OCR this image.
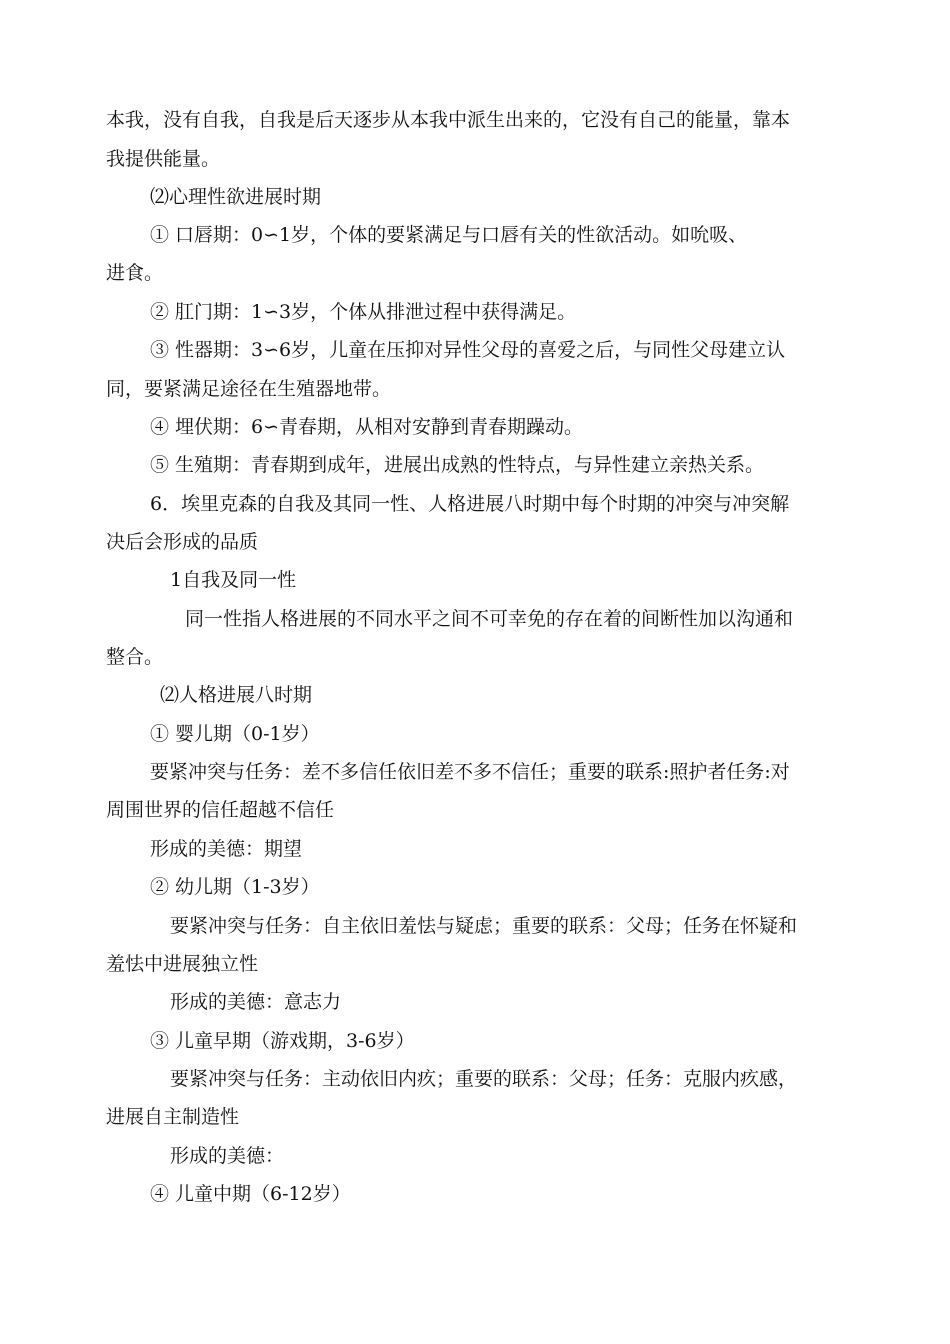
本我，没有自我，自我是后天逐步从本我中派生出来的，它没有自己的能量，靠本
我提供能量。
⑵心理性欲进展时期
① 口唇期：0∽1岁，个体的要紧满足与口唇有关的性欲活动。如吮吸、
进食。
② 肛门期：1∽3岁，个体从排泄过程中获得满足。
③ 性器期：3∽6岁，儿童在压抑对异性父母的喜爱之后，与同性父母建立认
同，要紧满足途径在生殖器地带。
④ 埋伏期：6∽青春期，从相对安静到青春期躁动。
⑤ 生殖期：青春期到成年，进展出成熟的性特点，与异性建立亲热关系。
6．埃里克森的自我及其同一性、人格进展八时期中每个时期的冲突与冲突解
决后会形成的品质
1自我及同一性
同一性指人格进展的不同水平之间不可幸免的存在着的间断性加以沟通和
整合。
⑵人格进展八时期
① 婴儿期（0-1岁）
要紧冲突与任务：差不多信任依旧差不多不信任；重要的联系:照护者任务:对
周围世界的信任超越不信任
形成的美德：期望
② 幼儿期（1-3岁）
要紧冲突与任务：自主依旧羞怯与疑虑；重要的联系：父母；任务在怀疑和
羞怯中进展独立性
形成的美德：意志力
③ 儿童早期（游戏期，3-6岁）
要紧冲突与任务：主动依旧内疚；重要的联系：父母；任务：克服内疚感，
进展自主制造性
形成的美德：
④ 儿童中期（6-12岁）
